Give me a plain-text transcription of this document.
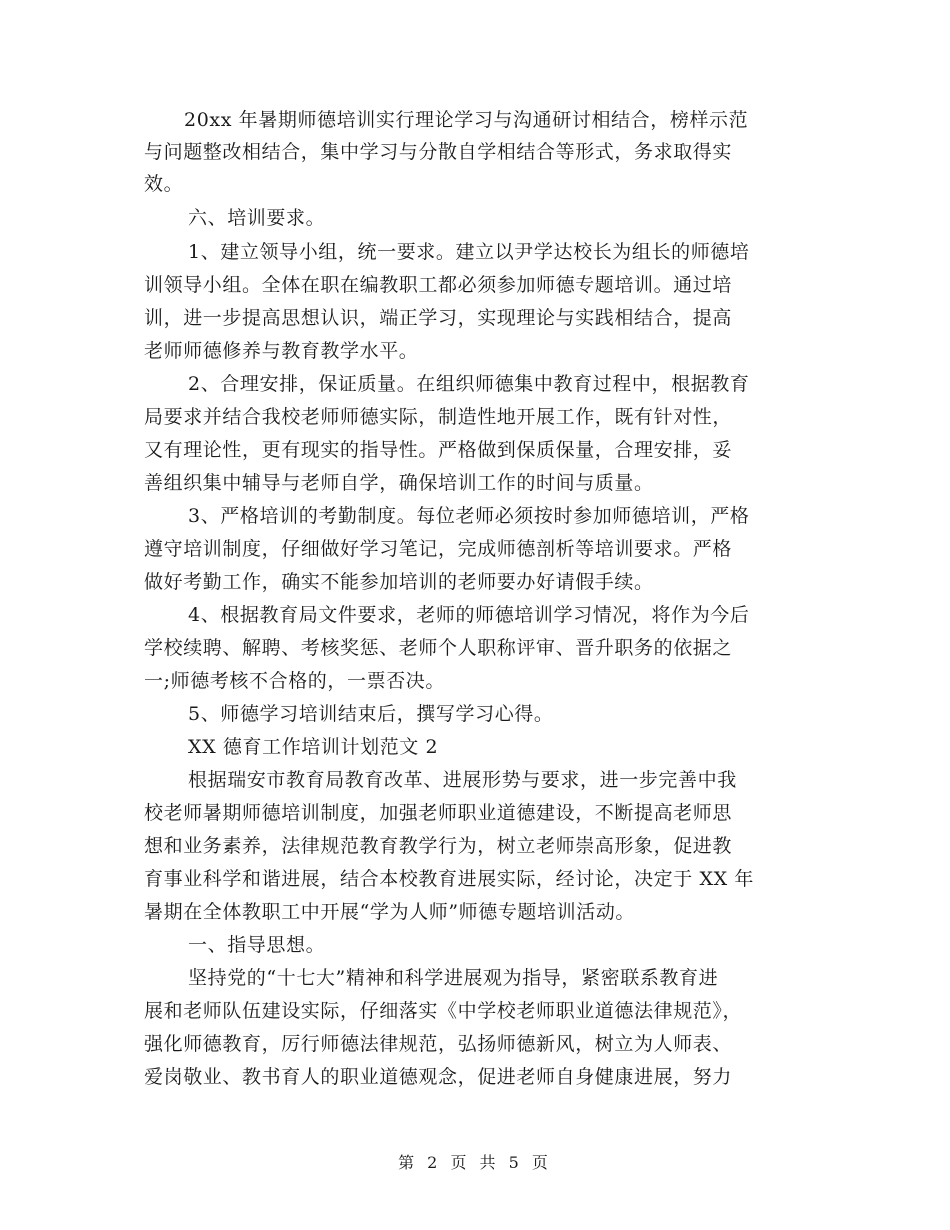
20xx 年暑期师德培训实行理论学习与沟通研讨相结合，榜样示范
与问题整改相结合，集中学习与分散自学相结合等形式，务求取得实
效。
六、培训要求。
1、建立领导小组，统一要求。建立以尹学达校长为组长的师德培
训领导小组。全体在职在编教职工都必须参加师德专题培训。通过培
训，进一步提高思想认识，端正学习，实现理论与实践相结合，提高
老师师德修养与教育教学水平。
2、合理安排，保证质量。在组织师德集中教育过程中，根据教育
局要求并结合我校老师师德实际，制造性地开展工作，既有针对性，
又有理论性，更有现实的指导性。严格做到保质保量，合理安排，妥
善组织集中辅导与老师自学，确保培训工作的时间与质量。
3、严格培训的考勤制度。每位老师必须按时参加师德培训，严格
遵守培训制度，仔细做好学习笔记，完成师德剖析等培训要求。严格
做好考勤工作，确实不能参加培训的老师要办好请假手续。
4、根据教育局文件要求，老师的师德培训学习情况，将作为今后
学校续聘、解聘、考核奖惩、老师个人职称评审、晋升职务的依据之
一;师德考核不合格的，一票否决。
5、师德学习培训结束后，撰写学习心得。
XX 德育工作培训计划范文 2
根据瑞安市教育局教育改革、进展形势与要求，进一步完善中我
校老师暑期师德培训制度，加强老师职业道德建设，不断提高老师思
想和业务素养，法律规范教育教学行为，树立老师崇高形象，促进教
育事业科学和谐进展，结合本校教育进展实际，经讨论，决定于 XX 年
暑期在全体教职工中开展“学为人师”师德专题培训活动。
一、指导思想。
坚持党的“十七大”精神和科学进展观为指导，紧密联系教育进
展和老师队伍建设实际，仔细落实《中学校老师职业道德法律规范》，
强化师德教育，厉行师德法律规范，弘扬师德新风，树立为人师表、
爱岗敬业、教书育人的职业道德观念，促进老师自身健康进展，努力
第 2 页 共 5 页
